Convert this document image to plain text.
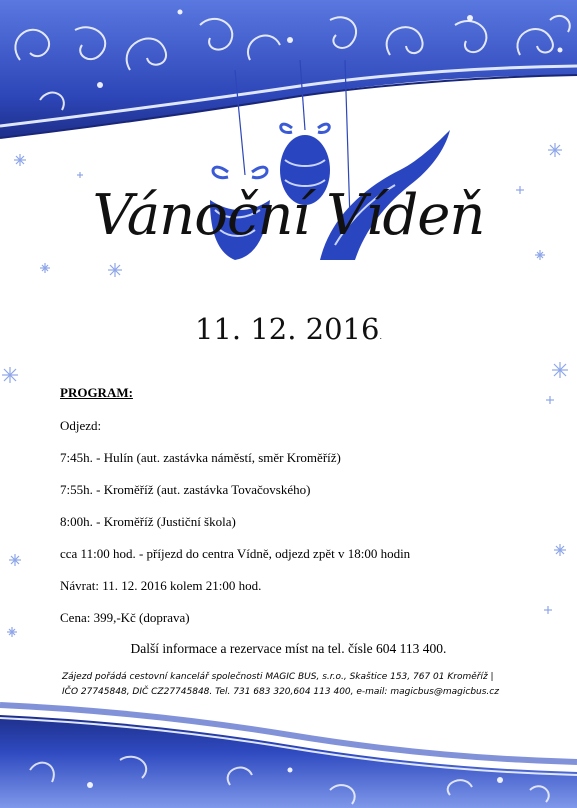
Vánoční Vídeň
11. 12. 2016.
PROGRAM:
Odjezd:
7:45h. - Hulín (aut. zastávka náměstí, směr Kroměříž)
7:55h. - Kroměříž (aut. zastávka Tovačovského)
8:00h. - Kroměříž (Justiční škola)
cca 11:00 hod. - příjezd do centra Vídně, odjezd zpět v 18:00 hodin
Návrat: 11. 12. 2016 kolem 21:00 hod.
Cena: 399,-Kč (doprava)
Další informace a rezervace míst na tel. čísle 604 113 400.
Zájezd pořádá cestovní kancelář společnosti MAGIC BUS, s.r.o., Skaštice 153, 767 01 Kroměříž |
IČO 27745848, DIČ CZ27745848. Tel. 731 683 320,604 113 400, e-mail: magicbus@magicbus.cz
